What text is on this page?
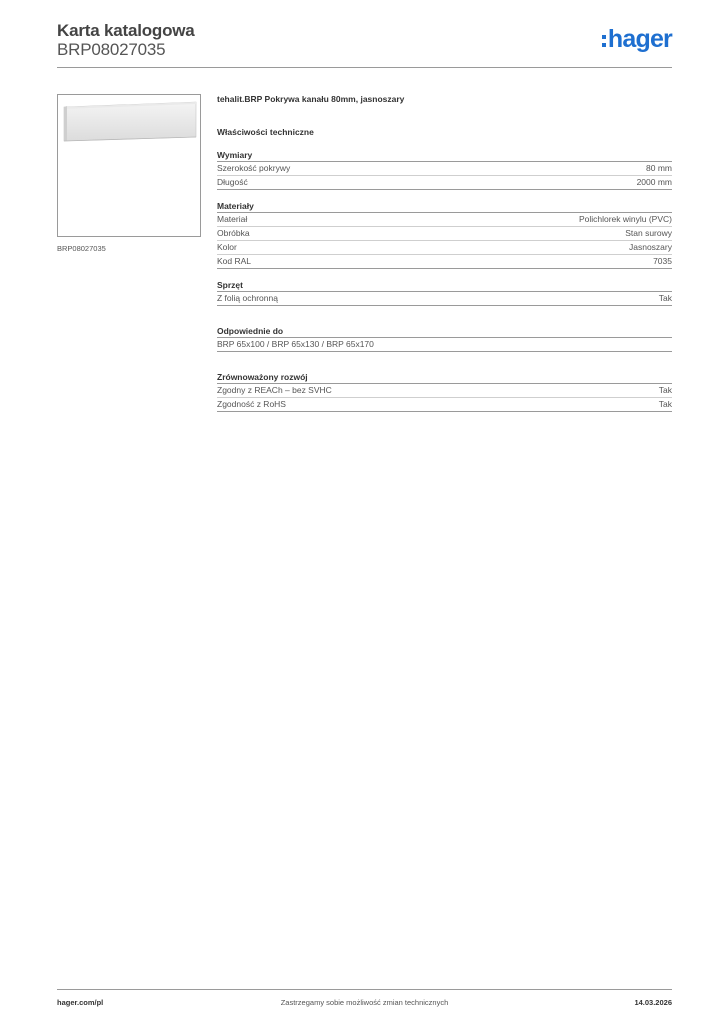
Karta katalogowa
BRP08027035	hager
BRP08027035
tehalit.BRP Pokrywa kanału 80mm, jasnoszary
Właściwości techniczne
Wymiary
Szerokość pokrywy	80 mm
Długość	2000 mm
Materiały
Materiał	Polichlorek winylu (PVC)
Obróbka	Stan surowy
Kolor	Jasnoszary
Kod RAL	7035
Sprzęt
Z folią ochronną	Tak
Odpowiednie do
BRP 65x100 / BRP 65x130 / BRP 65x170
Zrównoważony rozwój
Zgodny z REACh – bez SVHC	Tak
Zgodność z RoHS	Tak
hager.com/pl	Zastrzegamy sobie możliwość zmian technicznych	14.03.2026
